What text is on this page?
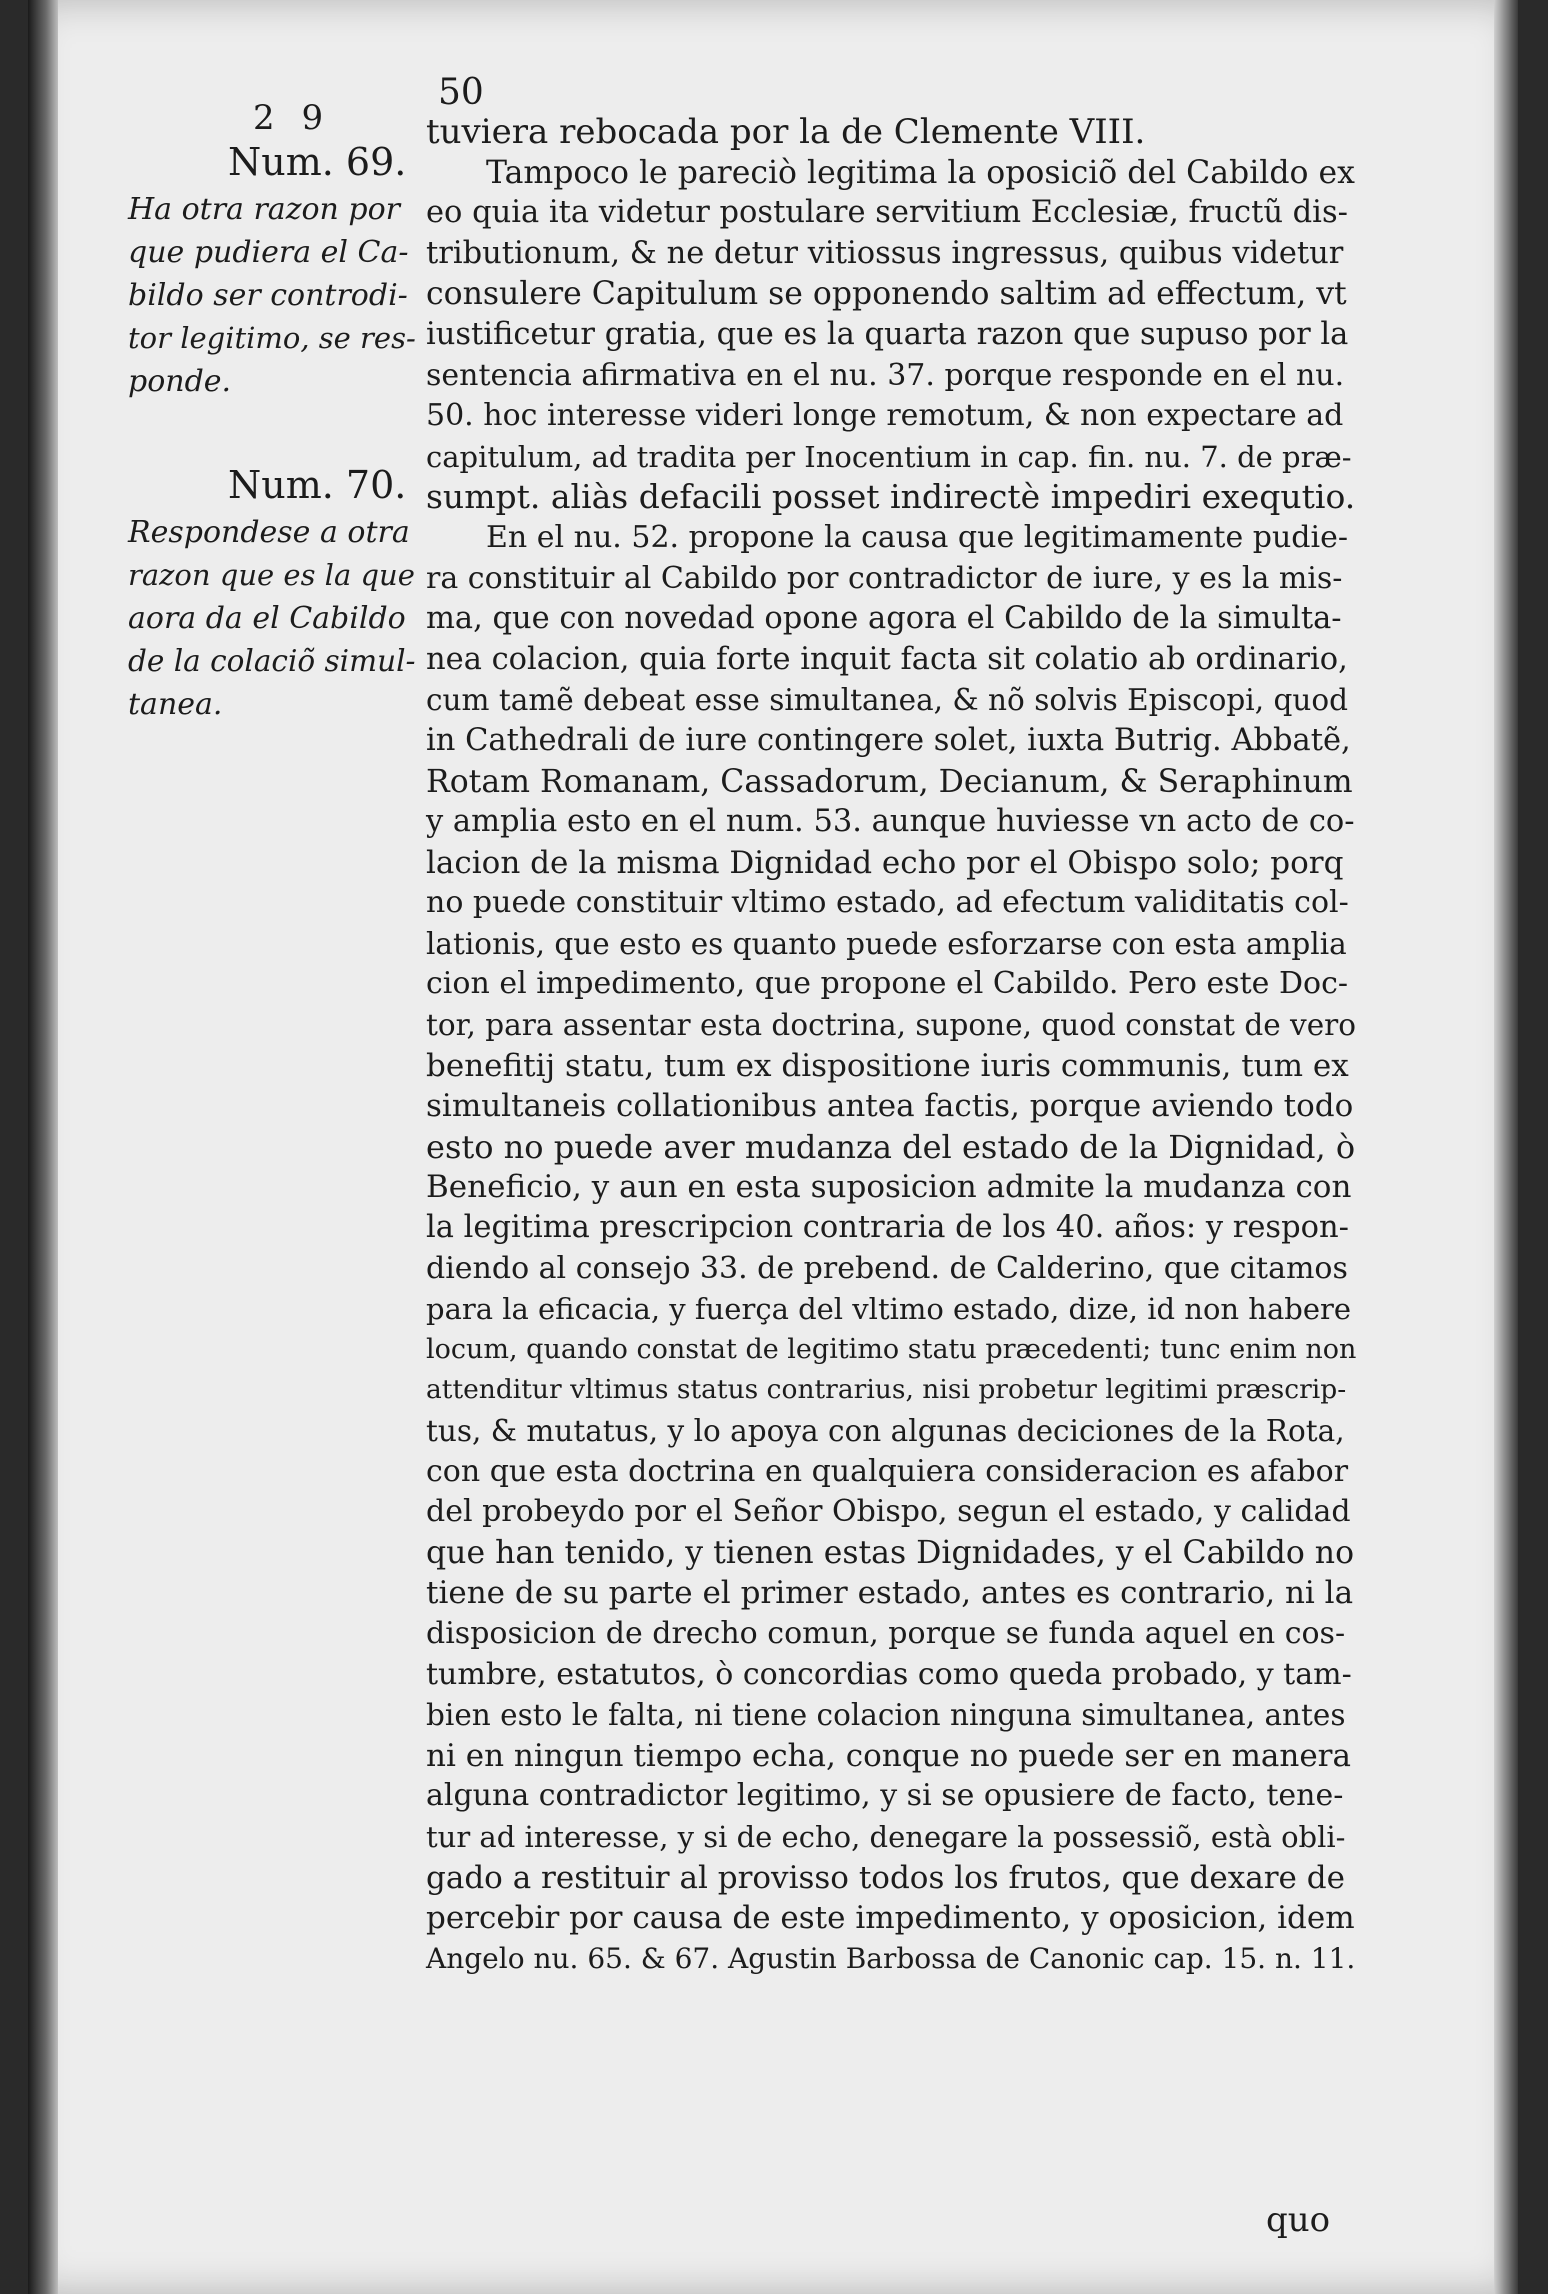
2 9
50
Num. 69.
Ha otra razon por
que pudiera el Ca-
bildo ser controdi-
tor legitimo, se res-
ponde.
Num. 70.
Respondese a otra
razon que es la que
aora da el Cabildo
de la colaciõ simul-
tanea.
tuviera rebocada por la de Clemente VIII.
Tampoco le pareciò legitima la oposiciõ del Cabildo ex
eo quia ita videtur postulare servitium Ecclesiæ, fructũ dis-
tributionum, & ne detur vitiossus ingressus, quibus videtur
consulere Capitulum se opponendo saltim ad effectum, vt
iustificetur gratia, que es la quarta razon que supuso por la
sentencia afirmativa en el nu. 37. porque responde en el nu.
50. hoc interesse videri longe remotum, & non expectare ad
capitulum, ad tradita per Inocentium in cap. fin. nu. 7. de præ-
sumpt. aliàs defacili posset indirectè impediri exequtio.
En el nu. 52. propone la causa que legitimamente pudie-
ra constituir al Cabildo por contradictor de iure, y es la mis-
ma, que con novedad opone agora el Cabildo de la simulta-
nea colacion, quia forte inquit facta sit colatio ab ordinario,
cum tamẽ debeat esse simultanea, & nõ solvis Episcopi, quod
in Cathedrali de iure contingere solet, iuxta Butrig. Abbatẽ,
Rotam Romanam, Cassadorum, Decianum, & Seraphinum
y amplia esto en el num. 53. aunque huviesse vn acto de co-
lacion de la misma Dignidad echo por el Obispo solo; porq
no puede constituir vltimo estado, ad efectum validitatis col-
lationis, que esto es quanto puede esforzarse con esta amplia
cion el impedimento, que propone el Cabildo. Pero este Doc-
tor, para assentar esta doctrina, supone, quod constat de vero
benefitij statu, tum ex dispositione iuris communis, tum ex
simultaneis collationibus antea factis, porque aviendo todo
esto no puede aver mudanza del estado de la Dignidad, ò
Beneficio, y aun en esta suposicion admite la mudanza con
la legitima prescripcion contraria de los 40. años: y respon-
diendo al consejo 33. de prebend. de Calderino, que citamos
para la eficacia, y fuerça del vltimo estado, dize, id non habere
locum, quando constat de legitimo statu præcedenti; tunc enim non
attenditur vltimus status contrarius, nisi probetur legitimi præscrip-
tus, & mutatus, y lo apoya con algunas deciciones de la Rota,
con que esta doctrina en qualquiera consideracion es afabor
del probeydo por el Señor Obispo, segun el estado, y calidad
que han tenido, y tienen estas Dignidades, y el Cabildo no
tiene de su parte el primer estado, antes es contrario, ni la
disposicion de drecho comun, porque se funda aquel en cos-
tumbre, estatutos, ò concordias como queda probado, y tam-
bien esto le falta, ni tiene colacion ninguna simultanea, antes
ni en ningun tiempo echa, conque no puede ser en manera
alguna contradictor legitimo, y si se opusiere de facto, tene-
tur ad interesse, y si de echo, denegare la possessiõ, està obli-
gado a restituir al provisso todos los frutos, que dexare de
percebir por causa de este impedimento, y oposicion, idem
Angelo nu. 65. & 67. Agustin Barbossa de Canonic cap. 15. n. 11.
quo
